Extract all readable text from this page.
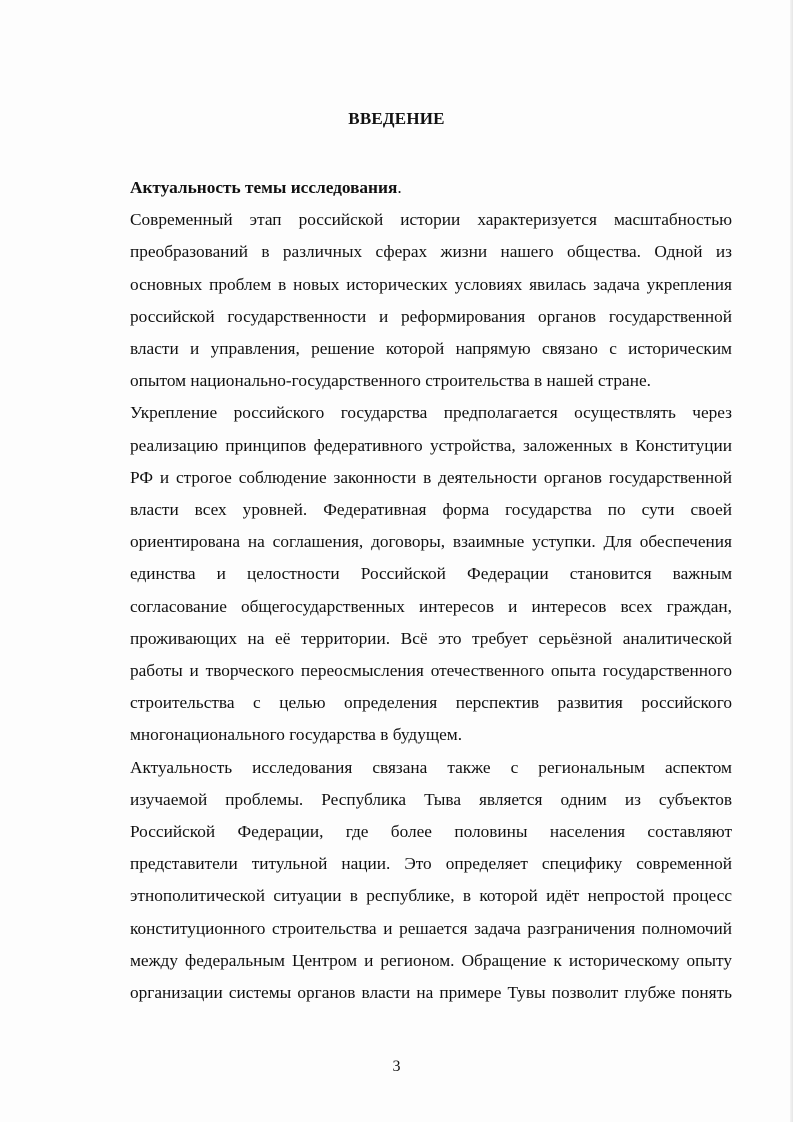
ВВЕДЕНИЕ

Актуальность темы исследования.

Современный этап российской истории характеризуется масштабностью
преобразований в различных сферах жизни нашего общества. Одной из
основных проблем в новых исторических условиях явилась задача укрепления
российской государственности и реформирования органов государственной
власти и управления, решение которой напрямую связано с историческим
опытом национально-государственного строительства в нашей стране.

Укрепление российского государства предполагается осуществлять через
реализацию принципов федеративного устройства, заложенных в Конституции
РФ и строгое соблюдение законности в деятельности органов государственной
власти всех уровней. Федеративная форма государства по сути своей
ориентирована на соглашения, договоры, взаимные уступки. Для обеспечения
единства и целостности Российской Федерации становится важным
согласование общегосударственных интересов и интересов всех граждан,
проживающих на её территории. Всё это требует серьёзной аналитической
работы и творческого переосмысления отечественного опыта государственного
строительства с целью определения перспектив развития российского
многонационального государства в будущем.

Актуальность исследования связана также с региональным аспектом
изучаемой проблемы. Республика Тыва является одним из субъектов
Российской Федерации, где более половины населения составляют
представители титульной нации. Это определяет специфику современной
этнополитической ситуации в республике, в которой идёт непростой процесс
конституционного строительства и решается задача разграничения полномочий
между федеральным Центром и регионом. Обращение к историческому опыту
организации системы органов власти на примере Тувы позволит глубже понять

3
